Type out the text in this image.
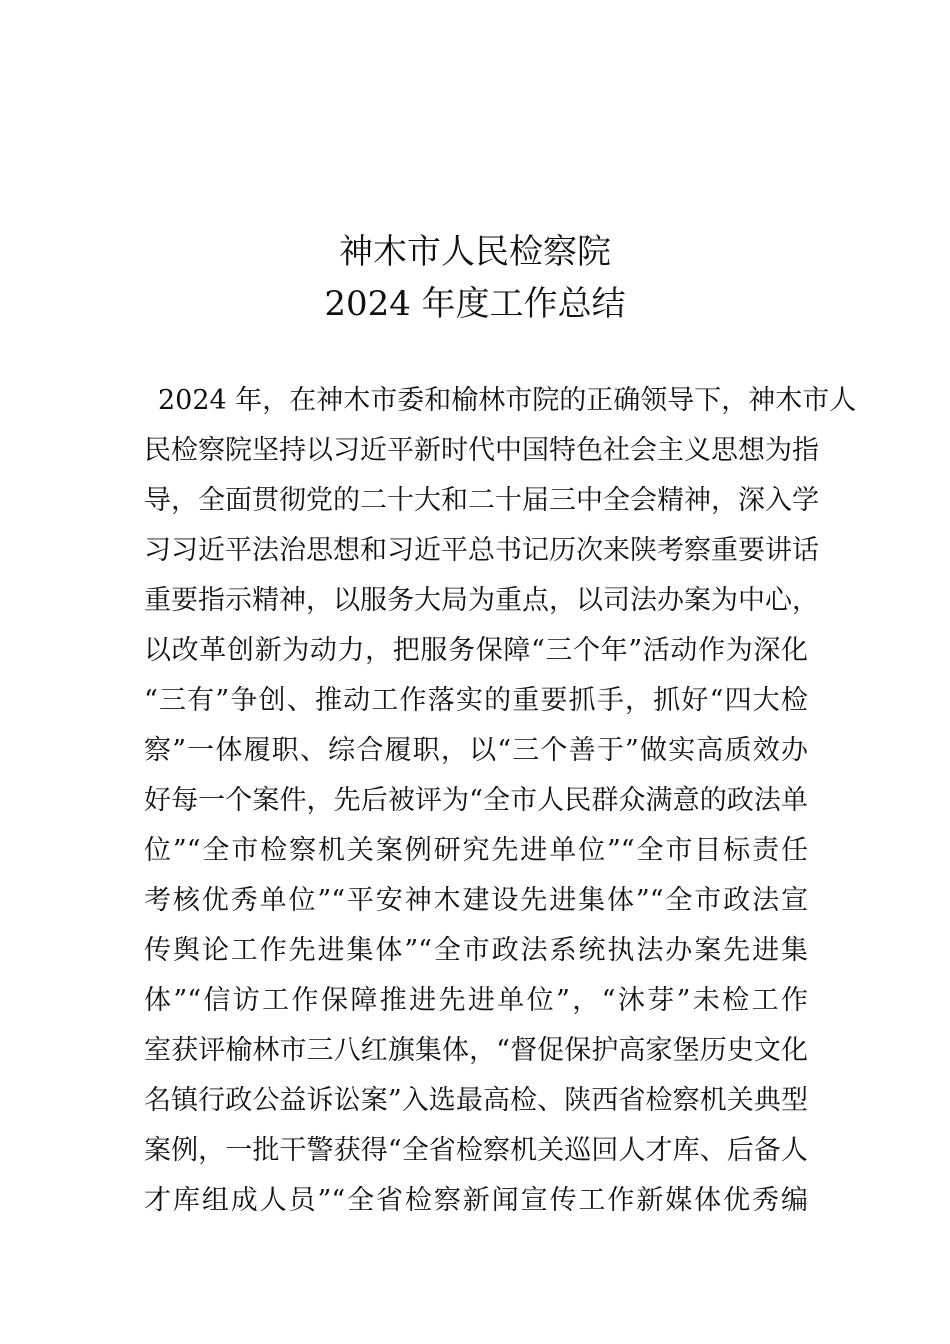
神木市人民检察院
2024 年度工作总结
2024 年，在神木市委和榆林市院的正确领导下，神木市人
民检察院坚持以习近平新时代中国特色社会主义思想为指
导，全面贯彻党的二十大和二十届三中全会精神，深入学
习习近平法治思想和习近平总书记历次来陕考察重要讲话
重要指示精神，以服务大局为重点，以司法办案为中心，
以改革创新为动力，把服务保障“三个年”活动作为深化
“三有”争创、推动工作落实的重要抓手，抓好“四大检
察”一体履职、综合履职，以“三个善于”做实高质效办
好每一个案件，先后被评为“全市人民群众满意的政法单
位”“全市检察机关案例研究先进单位”“全市目标责任
考核优秀单位”“平安神木建设先进集体”“全市政法宣
传舆论工作先进集体”“全市政法系统执法办案先进集
体”“信访工作保障推进先进单位”，“沐芽”未检工作
室获评榆林市三八红旗集体，“督促保护高家堡历史文化
名镇行政公益诉讼案”入选最高检、陕西省检察机关典型
案例，一批干警获得“全省检察机关巡回人才库、后备人
才库组成人员”“全省检察新闻宣传工作新媒体优秀编
